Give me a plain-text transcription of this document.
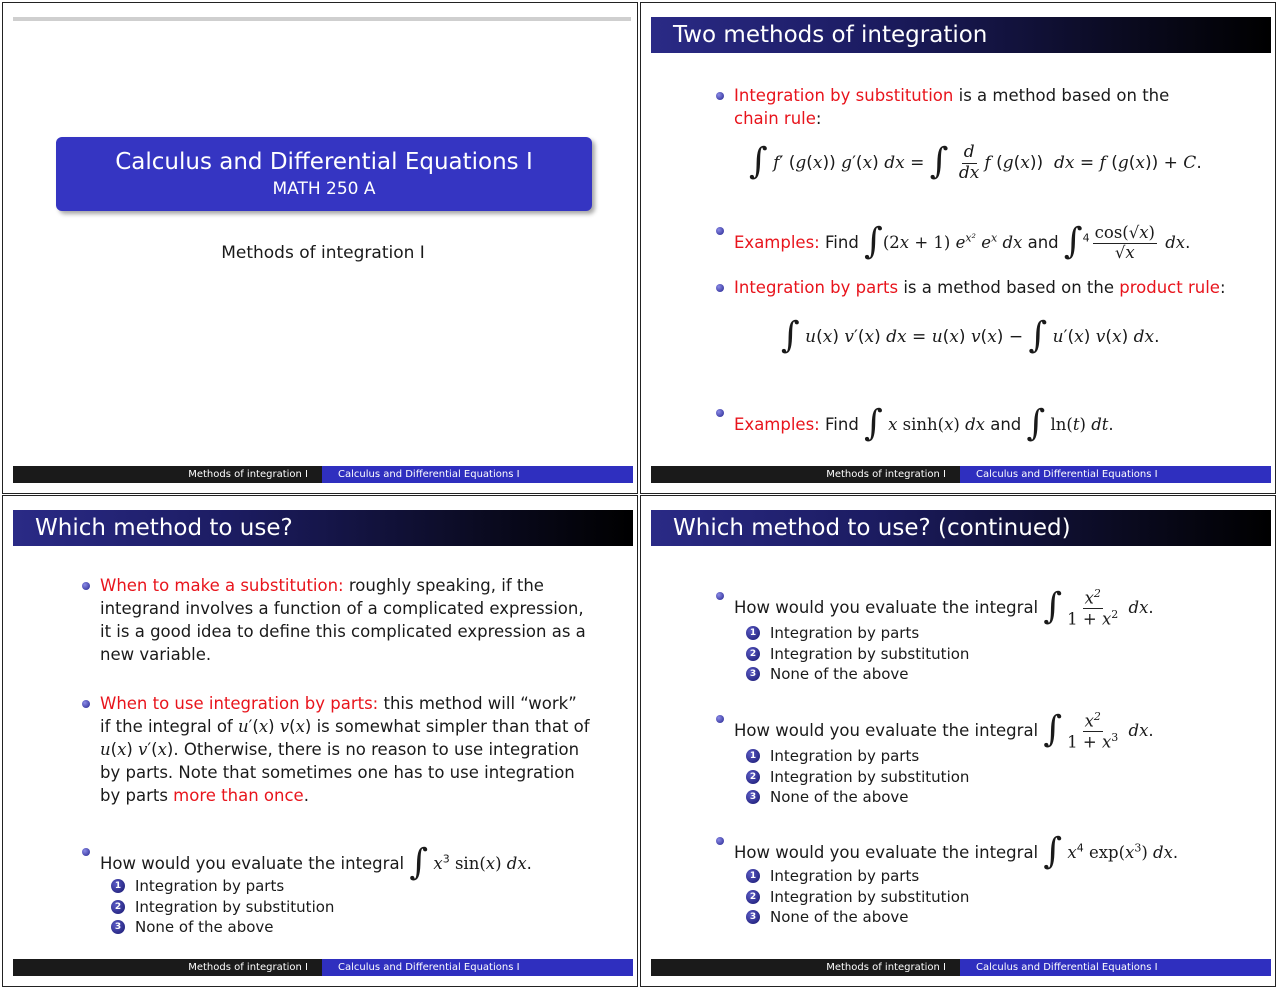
Calculus and Differential Equations I
MATH 250 A
Methods of integration I
Methods of integration I	Calculus and Differential Equations I
Two methods of integration
Integration by substitution is a method based on the chain rule:
∫ f′ (g(x)) g′(x) dx = ∫ $\frac{d}{dx}$ f (g(x))  dx = f (g(x)) + C.
Examples: Find ∫(2x + 1) $e^{x^2}$ $e^x$ dx and $\int^4 \frac{\cos(√x)}{√x}$ dx.
Integration by parts is a method based on the product rule:
∫ u(x) v′(x) dx = u(x) v(x) − ∫ u′(x) v(x) dx.
Examples: Find ∫ x sinh(x) dx and ∫ ln(t) dt.
Methods of integration I	Calculus and Differential Equations I
Which method to use?
When to make a substitution: roughly speaking, if the integrand involves a function of a complicated expression, it is a good idea to define this complicated expression as a new variable.
When to use integration by parts: this method will “work” if the integral of u′(x) v(x) is somewhat simpler than that of u(x) v′(x). Otherwise, there is no reason to use integration by parts. Note that sometimes one has to use integration by parts more than once.
How would you evaluate the integral ∫ $x^3$ sin(x) dx.
1 Integration by parts
2 Integration by substitution
3 None of the above
Methods of integration I	Calculus and Differential Equations I
Which method to use? (continued)
How would you evaluate the integral ∫ $\frac{x^2}{1 + x^2}$ dx.
1 Integration by parts
2 Integration by substitution
3 None of the above
How would you evaluate the integral ∫ $\frac{x^2}{1 + x^3}$ dx.
1 Integration by parts
2 Integration by substitution
3 None of the above
How would you evaluate the integral ∫ $x^4$ $\exp(x^3)$ dx.
1 Integration by parts
2 Integration by substitution
3 None of the above
Methods of integration I	Calculus and Differential Equations I
